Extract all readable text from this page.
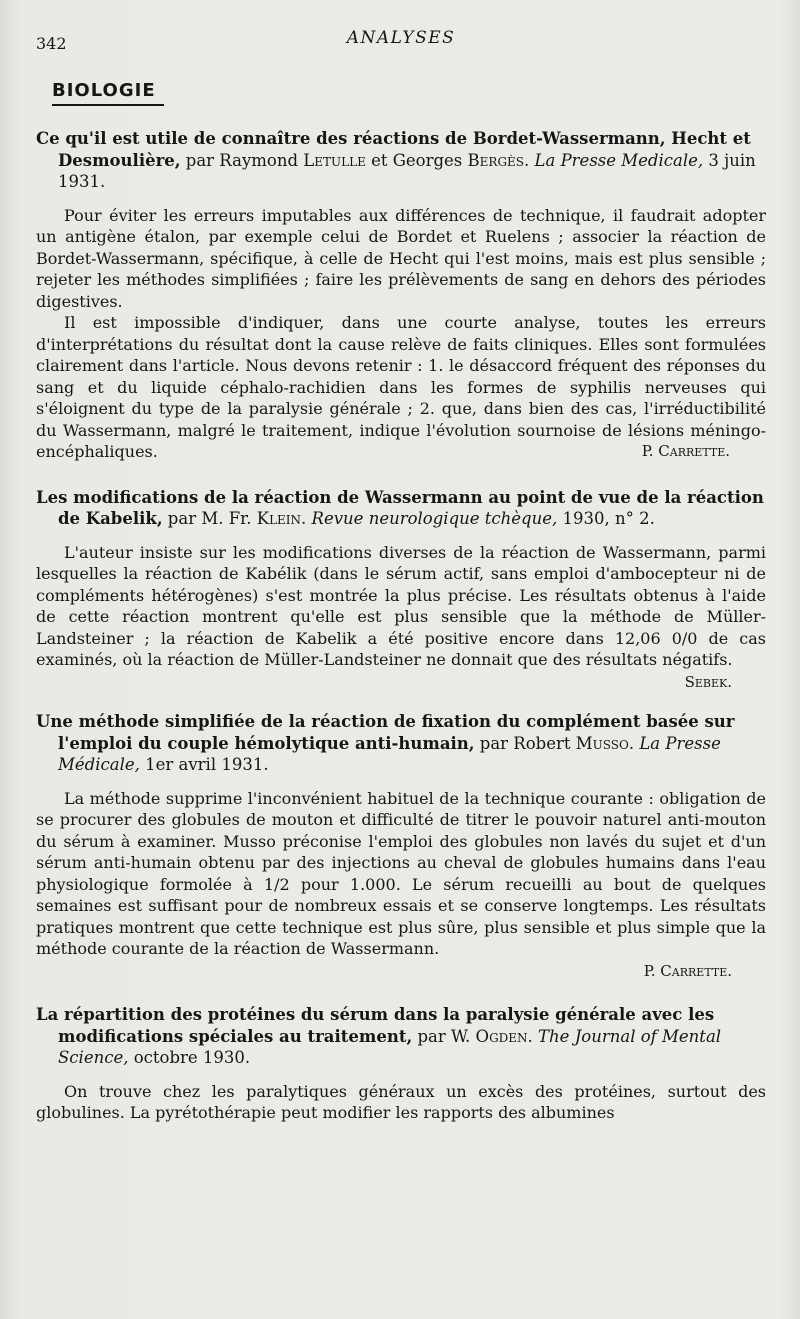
342	ANALYSES
BIOLOGIE

Ce qu'il est utile de connaître des réactions de Bordet-Wassermann, Hecht et Desmoulière, par Raymond Letulle et Georges Bergès. La Presse Medicale, 3 juin 1931.

Pour éviter les erreurs imputables aux différences de technique, il faudrait adopter un antigène étalon, par exemple celui de Bordet et Ruelens ; associer la réaction de Bordet-Wassermann, spécifique, à celle de Hecht qui l'est moins, mais est plus sensible ; rejeter les méthodes simplifiées ; faire les prélèvements de sang en dehors des périodes digestives.

Il est impossible d'indiquer, dans une courte analyse, toutes les erreurs d'interprétations du résultat dont la cause relève de faits cliniques. Elles sont formulées clairement dans l'article. Nous devons retenir : 1. le désaccord fréquent des réponses du sang et du liquide céphalo-rachidien dans les formes de syphilis nerveuses qui s'éloignent du type de la paralysie générale ; 2. que, dans bien des cas, l'irréductibilité du Wassermann, malgré le traitement, indique l'évolution sournoise de lésions méningo-encéphaliques.	P. Carrette.

Les modifications de la réaction de Wassermann au point de vue de la réaction de Kabelik, par M. Fr. Klein. Revue neurologique tchèque, 1930, n° 2.

L'auteur insiste sur les modifications diverses de la réaction de Wassermann, parmi lesquelles la réaction de Kabélik (dans le sérum actif, sans emploi d'ambocepteur ni de compléments hétérogènes) s'est montrée la plus précise. Les résultats obtenus à l'aide de cette réaction montrent qu'elle est plus sensible que la méthode de Müller-Landsteiner ; la réaction de Kabelik a été positive encore dans 12,06 0/0 de cas examinés, où la réaction de Müller-Landsteiner ne donnait que des résultats négatifs.

Sebek.

Une méthode simplifiée de la réaction de fixation du complément basée sur l'emploi du couple hémolytique anti-humain, par Robert Musso. La Presse Médicale, 1er avril 1931.

La méthode supprime l'inconvénient habituel de la technique courante : obligation de se procurer des globules de mouton et difficulté de titrer le pouvoir naturel anti-mouton du sérum à examiner. Musso préconise l'emploi des globules non lavés du sujet et d'un sérum anti-humain obtenu par des injections au cheval de globules humains dans l'eau physiologique formolée à 1/2 pour 1.000. Le sérum recueilli au bout de quelques semaines est suffisant pour de nombreux essais et se conserve longtemps. Les résultats pratiques montrent que cette technique est plus sûre, plus sensible et plus simple que la méthode courante de la réaction de Wassermann.

P. Carrette.

La répartition des protéines du sérum dans la paralysie générale avec les modifications spéciales au traitement, par W. Ogden. The Journal of Mental Science, octobre 1930.

On trouve chez les paralytiques généraux un excès des protéines, surtout des globulines. La pyrétothérapie peut modifier les rapports des albumines
